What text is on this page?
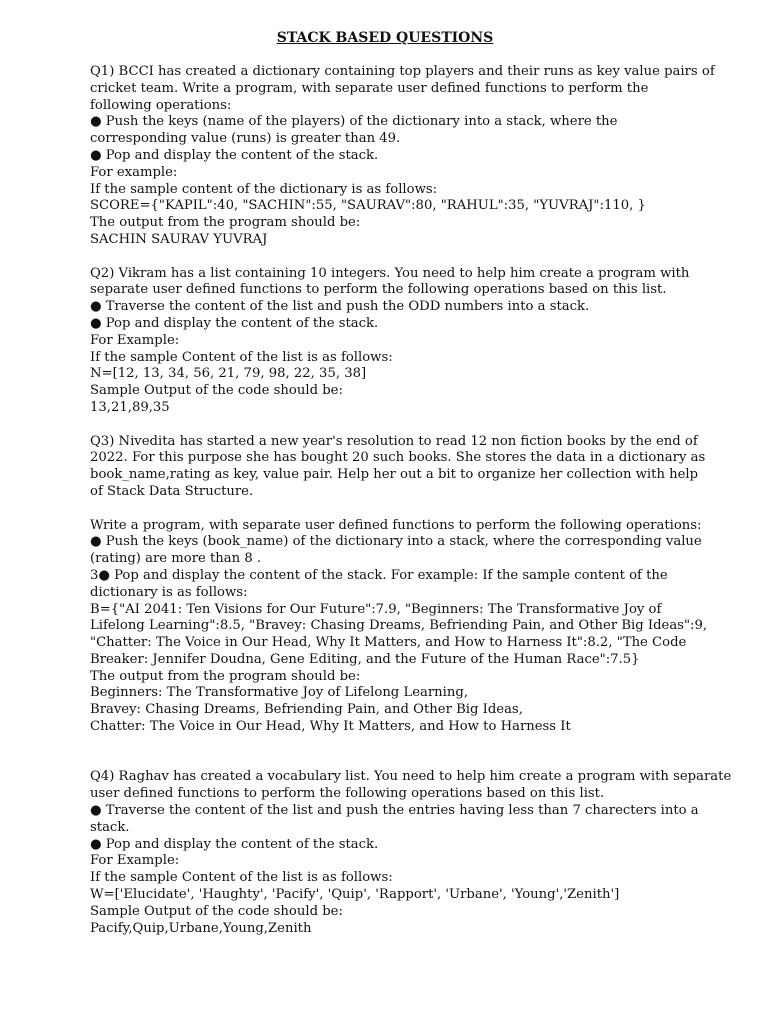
STACK BASED QUESTIONS
Q1) BCCI has created a dictionary containing top players and their runs as key value pairs of
cricket team. Write a program, with separate user defined functions to perform the
following operations:
● Push the keys (name of the players) of the dictionary into a stack, where the
corresponding value (runs) is greater than 49.
● Pop and display the content of the stack.
For example:
If the sample content of the dictionary is as follows:
SCORE={"KAPIL":40, "SACHIN":55, "SAURAV":80, "RAHUL":35, "YUVRAJ":110, }
The output from the program should be:
SACHIN SAURAV YUVRAJ
Q2) Vikram has a list containing 10 integers. You need to help him create a program with
separate user defined functions to perform the following operations based on this list.
● Traverse the content of the list and push the ODD numbers into a stack.
● Pop and display the content of the stack.
For Example:
If the sample Content of the list is as follows:
N=[12, 13, 34, 56, 21, 79, 98, 22, 35, 38]
Sample Output of the code should be:
13,21,89,35
Q3) Nivedita has started a new year's resolution to read 12 non fiction books by the end of
2022. For this purpose she has bought 20 such books. She stores the data in a dictionary as
book_name,rating as key, value pair. Help her out a bit to organize her collection with help
of Stack Data Structure.
Write a program, with separate user defined functions to perform the following operations:
● Push the keys (book_name) of the dictionary into a stack, where the corresponding value
(rating) are more than 8 .
3● Pop and display the content of the stack. For example: If the sample content of the
dictionary is as follows:
B={"AI 2041: Ten Visions for Our Future":7.9, "Beginners: The Transformative Joy of
Lifelong Learning":8.5, "Bravey: Chasing Dreams, Befriending Pain, and Other Big Ideas":9,
"Chatter: The Voice in Our Head, Why It Matters, and How to Harness It":8.2, "The Code
Breaker: Jennifer Doudna, Gene Editing, and the Future of the Human Race":7.5}
The output from the program should be:
Beginners: The Transformative Joy of Lifelong Learning,
Bravey: Chasing Dreams, Befriending Pain, and Other Big Ideas,
Chatter: The Voice in Our Head, Why It Matters, and How to Harness It
Q4) Raghav has created a vocabulary list. You need to help him create a program with separate
user defined functions to perform the following operations based on this list.
● Traverse the content of the list and push the entries having less than 7 charecters into a
stack.
● Pop and display the content of the stack.
For Example:
If the sample Content of the list is as follows:
W=['Elucidate', 'Haughty', 'Pacify', 'Quip', 'Rapport', 'Urbane', 'Young','Zenith']
Sample Output of the code should be:
Pacify,Quip,Urbane,Young,Zenith
